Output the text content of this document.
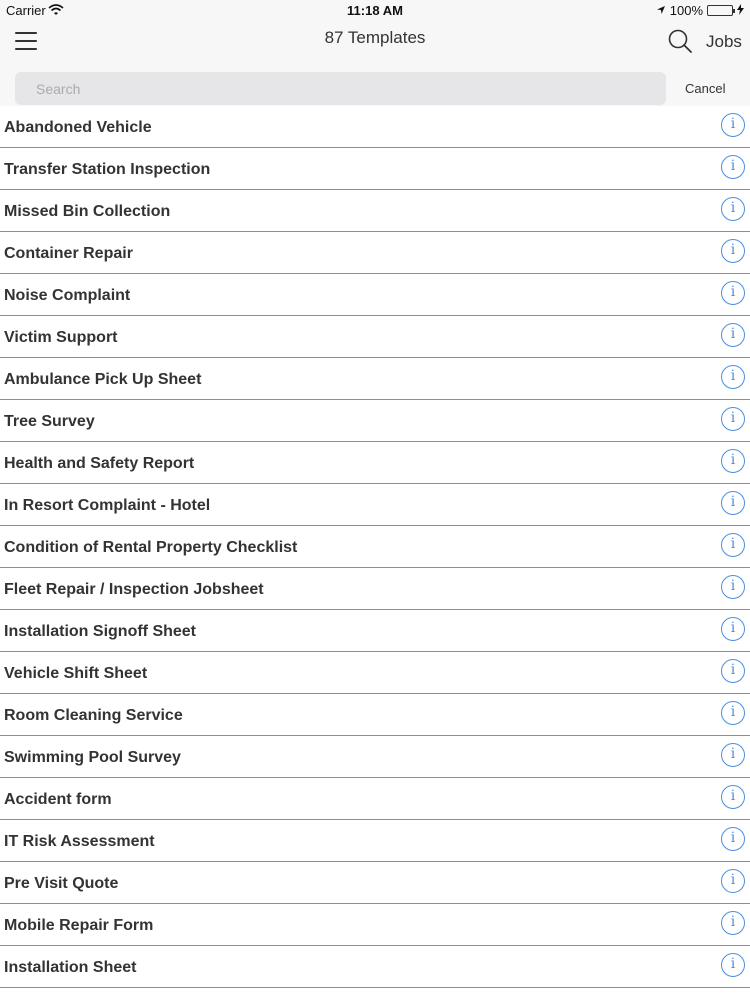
Carrier	11:18 AM	100%
87 Templates	Jobs
Search
Cancel
Abandoned Vehicle	i
Transfer Station Inspection	i
Missed Bin Collection	i
Container Repair	i
Noise Complaint	i
Victim Support	i
Ambulance Pick Up Sheet	i
Tree Survey	i
Health and Safety Report	i
In Resort Complaint - Hotel	i
Condition of Rental Property Checklist	i
Fleet Repair / Inspection Jobsheet	i
Installation Signoff Sheet	i
Vehicle Shift Sheet	i
Room Cleaning Service	i
Swimming Pool Survey	i
Accident form	i
IT Risk Assessment	i
Pre Visit Quote	i
Mobile Repair Form	i
Installation Sheet	i
